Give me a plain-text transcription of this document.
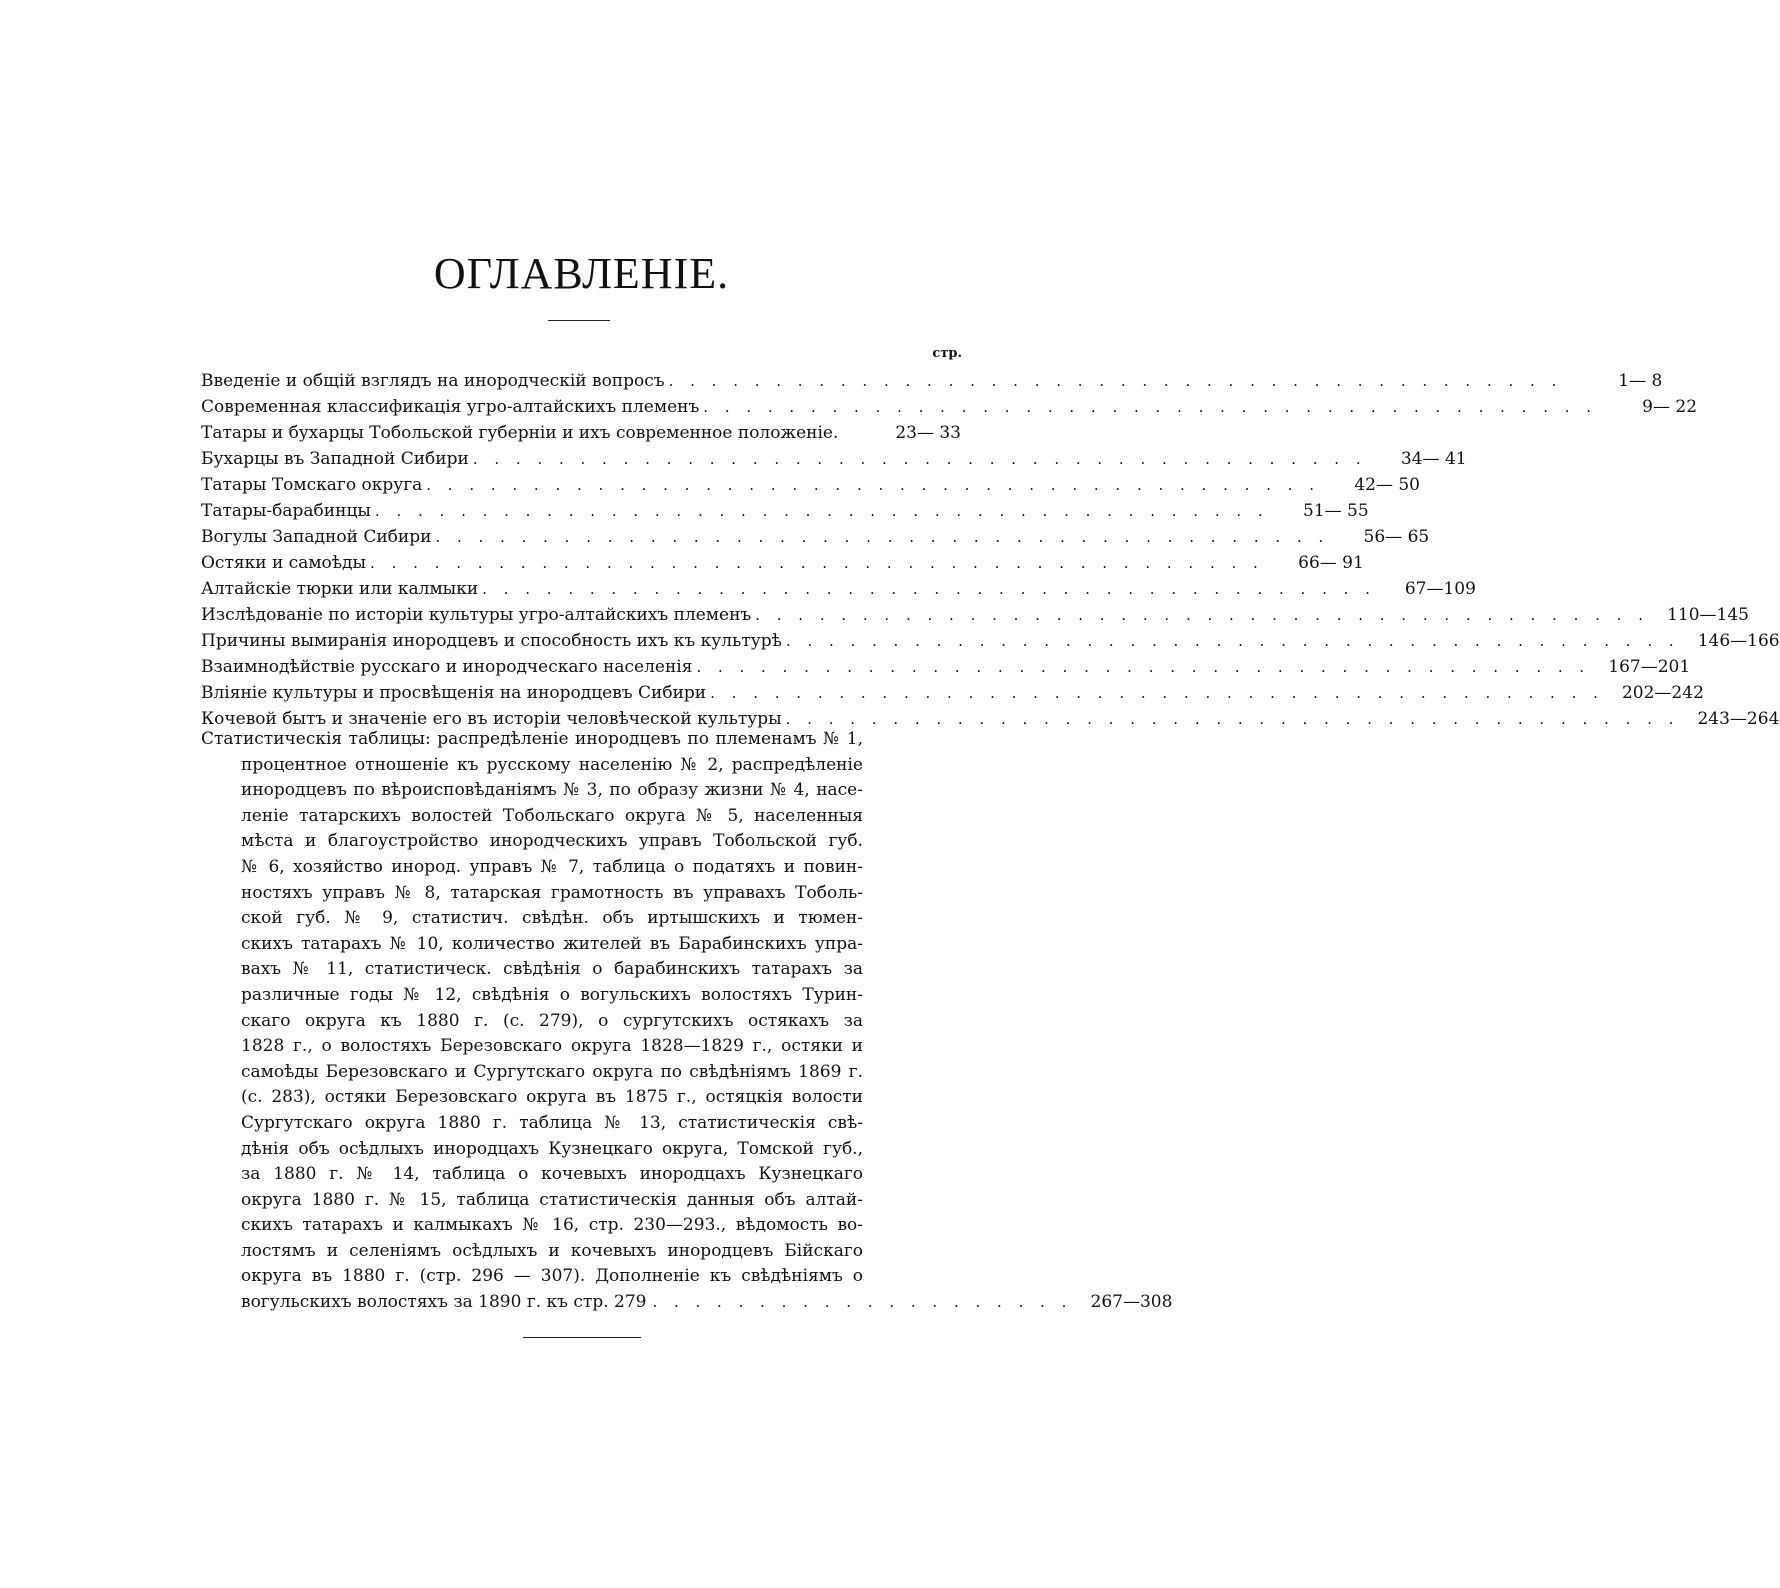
ОГЛАВЛЕНІЕ.
стр.
Введеніе и общій взглядъ на инородческій вопросъ . . . . . . . . . . . . . . . . . . . . . . . . . . . . . . . . . . . . . . . . . .	1— 8
Современная классификація угро-алтайскихъ племенъ . . . . . . . . . . . . . . . . . . . . . . . . . . . . . . . . . . . . . . . . . .	9— 22
Татары и бухарцы Тобольской губерніи и ихъ современное положеніе.	23— 33
Бухарцы въ Западной Сибири . . . . . . . . . . . . . . . . . . . . . . . . . . . . . . . . . . . . . . . . . .	34— 41
Татары Томскаго округа . . . . . . . . . . . . . . . . . . . . . . . . . . . . . . . . . . . . . . . . . .	42— 50
Татары-барабинцы . . . . . . . . . . . . . . . . . . . . . . . . . . . . . . . . . . . . . . . . . .	51— 55
Вогулы Западной Сибири . . . . . . . . . . . . . . . . . . . . . . . . . . . . . . . . . . . . . . . . . .	56— 65
Остяки и самоѣды . . . . . . . . . . . . . . . . . . . . . . . . . . . . . . . . . . . . . . . . . .	66— 91
Алтайскіе тюрки или калмыки . . . . . . . . . . . . . . . . . . . . . . . . . . . . . . . . . . . . . . . . . .	67—109
Изслѣдованіе по исторіи культуры угро-алтайскихъ племенъ . . . . . . . . . . . . . . . . . . . . . . . . . . . . . . . . . . . . . . . . . .	110—145
Причины вымиранія инородцевъ и способность ихъ къ культурѣ . . . . . . . . . . . . . . . . . . . . . . . . . . . . . . . . . . . . . . . . . .	146—166
Взаимнодѣйствіе русскаго и инородческаго населенія . . . . . . . . . . . . . . . . . . . . . . . . . . . . . . . . . . . . . . . . . .	167—201
Вліяніе культуры и просвѣщенія на инородцевъ Сибири . . . . . . . . . . . . . . . . . . . . . . . . . . . . . . . . . . . . . . . . . .	202—242
Кочевой бытъ и значеніе его въ исторіи человѣческой культуры . . . . . . . . . . . . . . . . . . . . . . . . . . . . . . . . . . . . . . . . . .	243—264
Статистическія таблицы: распредѣленіе инородцевъ по племенамъ № 1,
процентное отношеніе къ русскому населенію № 2, распредѣленіе
инородцевъ по вѣроисповѣданіямъ № 3, по образу жизни № 4, насе-
леніе татарскихъ волостей Тобольскаго округа № 5, населенныя
мѣста и благоустройство инородческихъ управъ Тобольской губ.
№ 6, хозяйство инород. управъ № 7, таблица о податяхъ и повин-
ностяхъ управъ № 8, татарская грамотность въ управахъ Тоболь-
ской губ. № 9, статистич. свѣдѣн. объ иртышскихъ и тюмен-
скихъ татарахъ № 10, количество жителей въ Барабинскихъ упра-
вахъ № 11, статистическ. свѣдѣнія о барабинскихъ татарахъ за
различные годы № 12, свѣдѣнія о вогульскихъ волостяхъ Турин-
скаго округа къ 1880 г. (с. 279), о сургутскихъ остякахъ за
1828 г., о волостяхъ Березовскаго округа 1828—1829 г., остяки и
самоѣды Березовскаго и Сургутскаго округа по свѣдѣніямъ 1869 г.
(с. 283), остяки Березовскаго округа въ 1875 г., остяцкія волости
Сургутскаго округа 1880 г. таблица № 13, статистическія свѣ-
дѣнія объ осѣдлыхъ инородцахъ Кузнецкаго округа, Томской губ.,
за 1880 г. № 14, таблица о кочевыхъ инородцахъ Кузнецкаго
округа 1880 г. № 15, таблица статистическія данныя объ алтай-
скихъ татарахъ и калмыкахъ № 16, стр. 230—293., вѣдомость во-
лостямъ и селеніямъ осѣдлыхъ и кочевыхъ инородцевъ Бійскаго
округа въ 1880 г. (стр. 296 — 307). Дополненіе къ свѣдѣніямъ о
вогульскихъ волостяхъ за 1890 г. къ стр. 279 . . . . . . . . . . . . . . . . . . . .	267—308
